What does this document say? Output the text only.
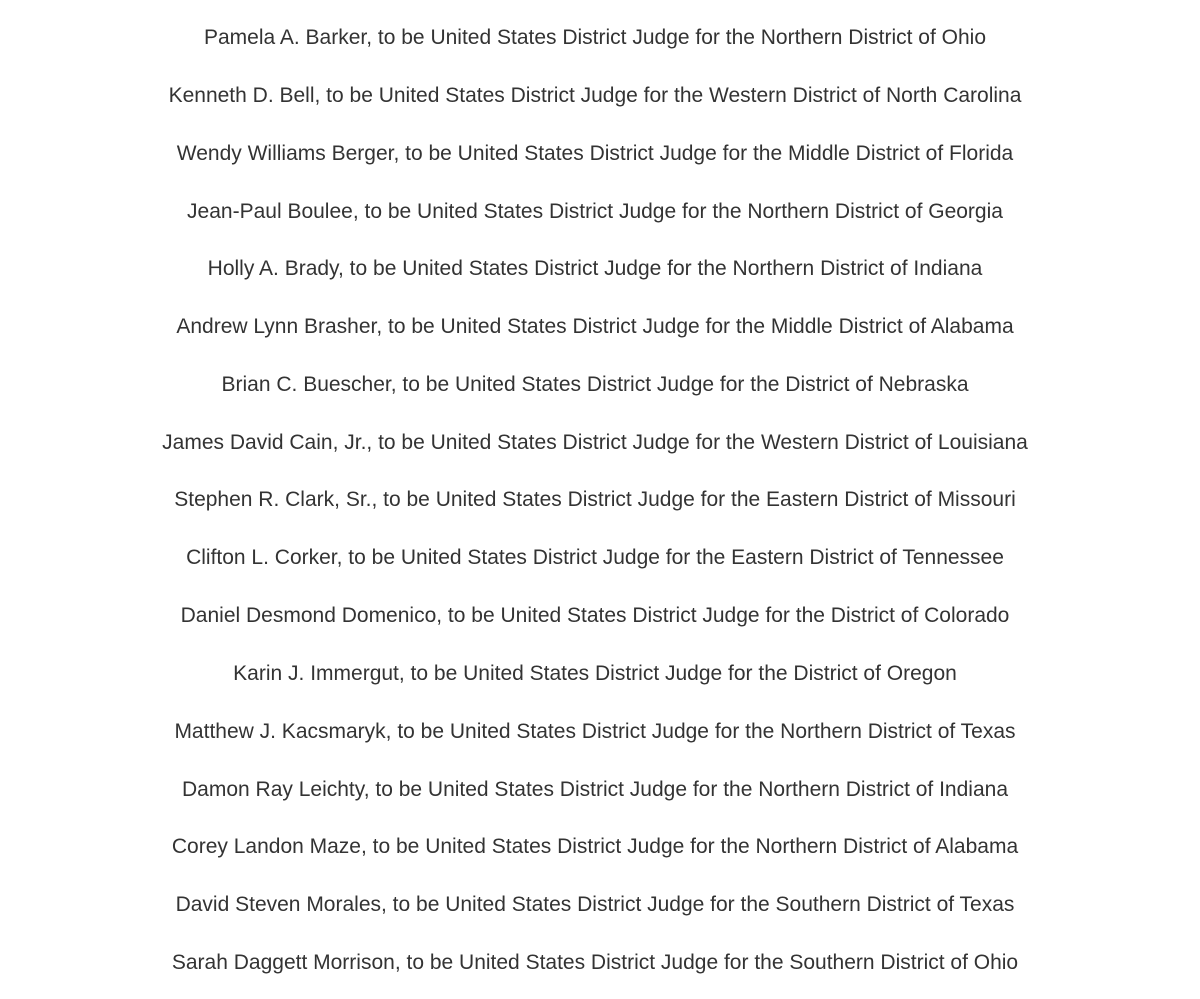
Pamela A. Barker, to be United States District Judge for the Northern District of Ohio
Kenneth D. Bell, to be United States District Judge for the Western District of North Carolina
Wendy Williams Berger, to be United States District Judge for the Middle District of Florida
Jean-Paul Boulee, to be United States District Judge for the Northern District of Georgia
Holly A. Brady, to be United States District Judge for the Northern District of Indiana
Andrew Lynn Brasher, to be United States District Judge for the Middle District of Alabama
Brian C. Buescher, to be United States District Judge for the District of Nebraska
James David Cain, Jr., to be United States District Judge for the Western District of Louisiana
Stephen R. Clark, Sr., to be United States District Judge for the Eastern District of Missouri
Clifton L. Corker, to be United States District Judge for the Eastern District of Tennessee
Daniel Desmond Domenico, to be United States District Judge for the District of Colorado
Karin J. Immergut, to be United States District Judge for the District of Oregon
Matthew J. Kacsmaryk, to be United States District Judge for the Northern District of Texas
Damon Ray Leichty, to be United States District Judge for the Northern District of Indiana
Corey Landon Maze, to be United States District Judge for the Northern District of Alabama
David Steven Morales, to be United States District Judge for the Southern District of Texas
Sarah Daggett Morrison, to be United States District Judge for the Southern District of Ohio
